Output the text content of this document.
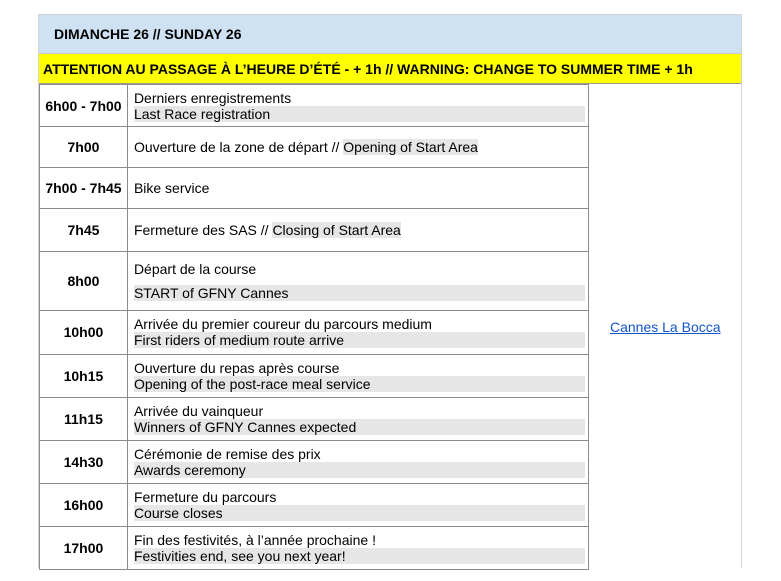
DIMANCHE 26 // SUNDAY 26
ATTENTION AU PASSAGE À L’HEURE D’ÉTÉ - + 1h // WARNING: CHANGE TO SUMMER TIME + 1h
6h00 - 7h00	Derniers enregistrements
Last Race registration

7h00	Ouverture de la zone de départ // Opening of Start Area

7h00 - 7h45	Bike service

7h45	Fermeture des SAS // Closing of Start Area

8h00	Départ de la course
START of GFNY Cannes

10h00	Arrivée du premier coureur du parcours medium
First riders of medium route arrive

10h15	Ouverture du repas après course
Opening of the post-race meal service

11h15	Arrivée du vainqueur
Winners of GFNY Cannes expected

14h30	Cérémonie de remise des prix
Awards ceremony

16h00	Fermeture du parcours
Course closes

17h00	Fin des festivités, à l’année prochaine !
Festivities end, see you next year!
Cannes La Bocca
